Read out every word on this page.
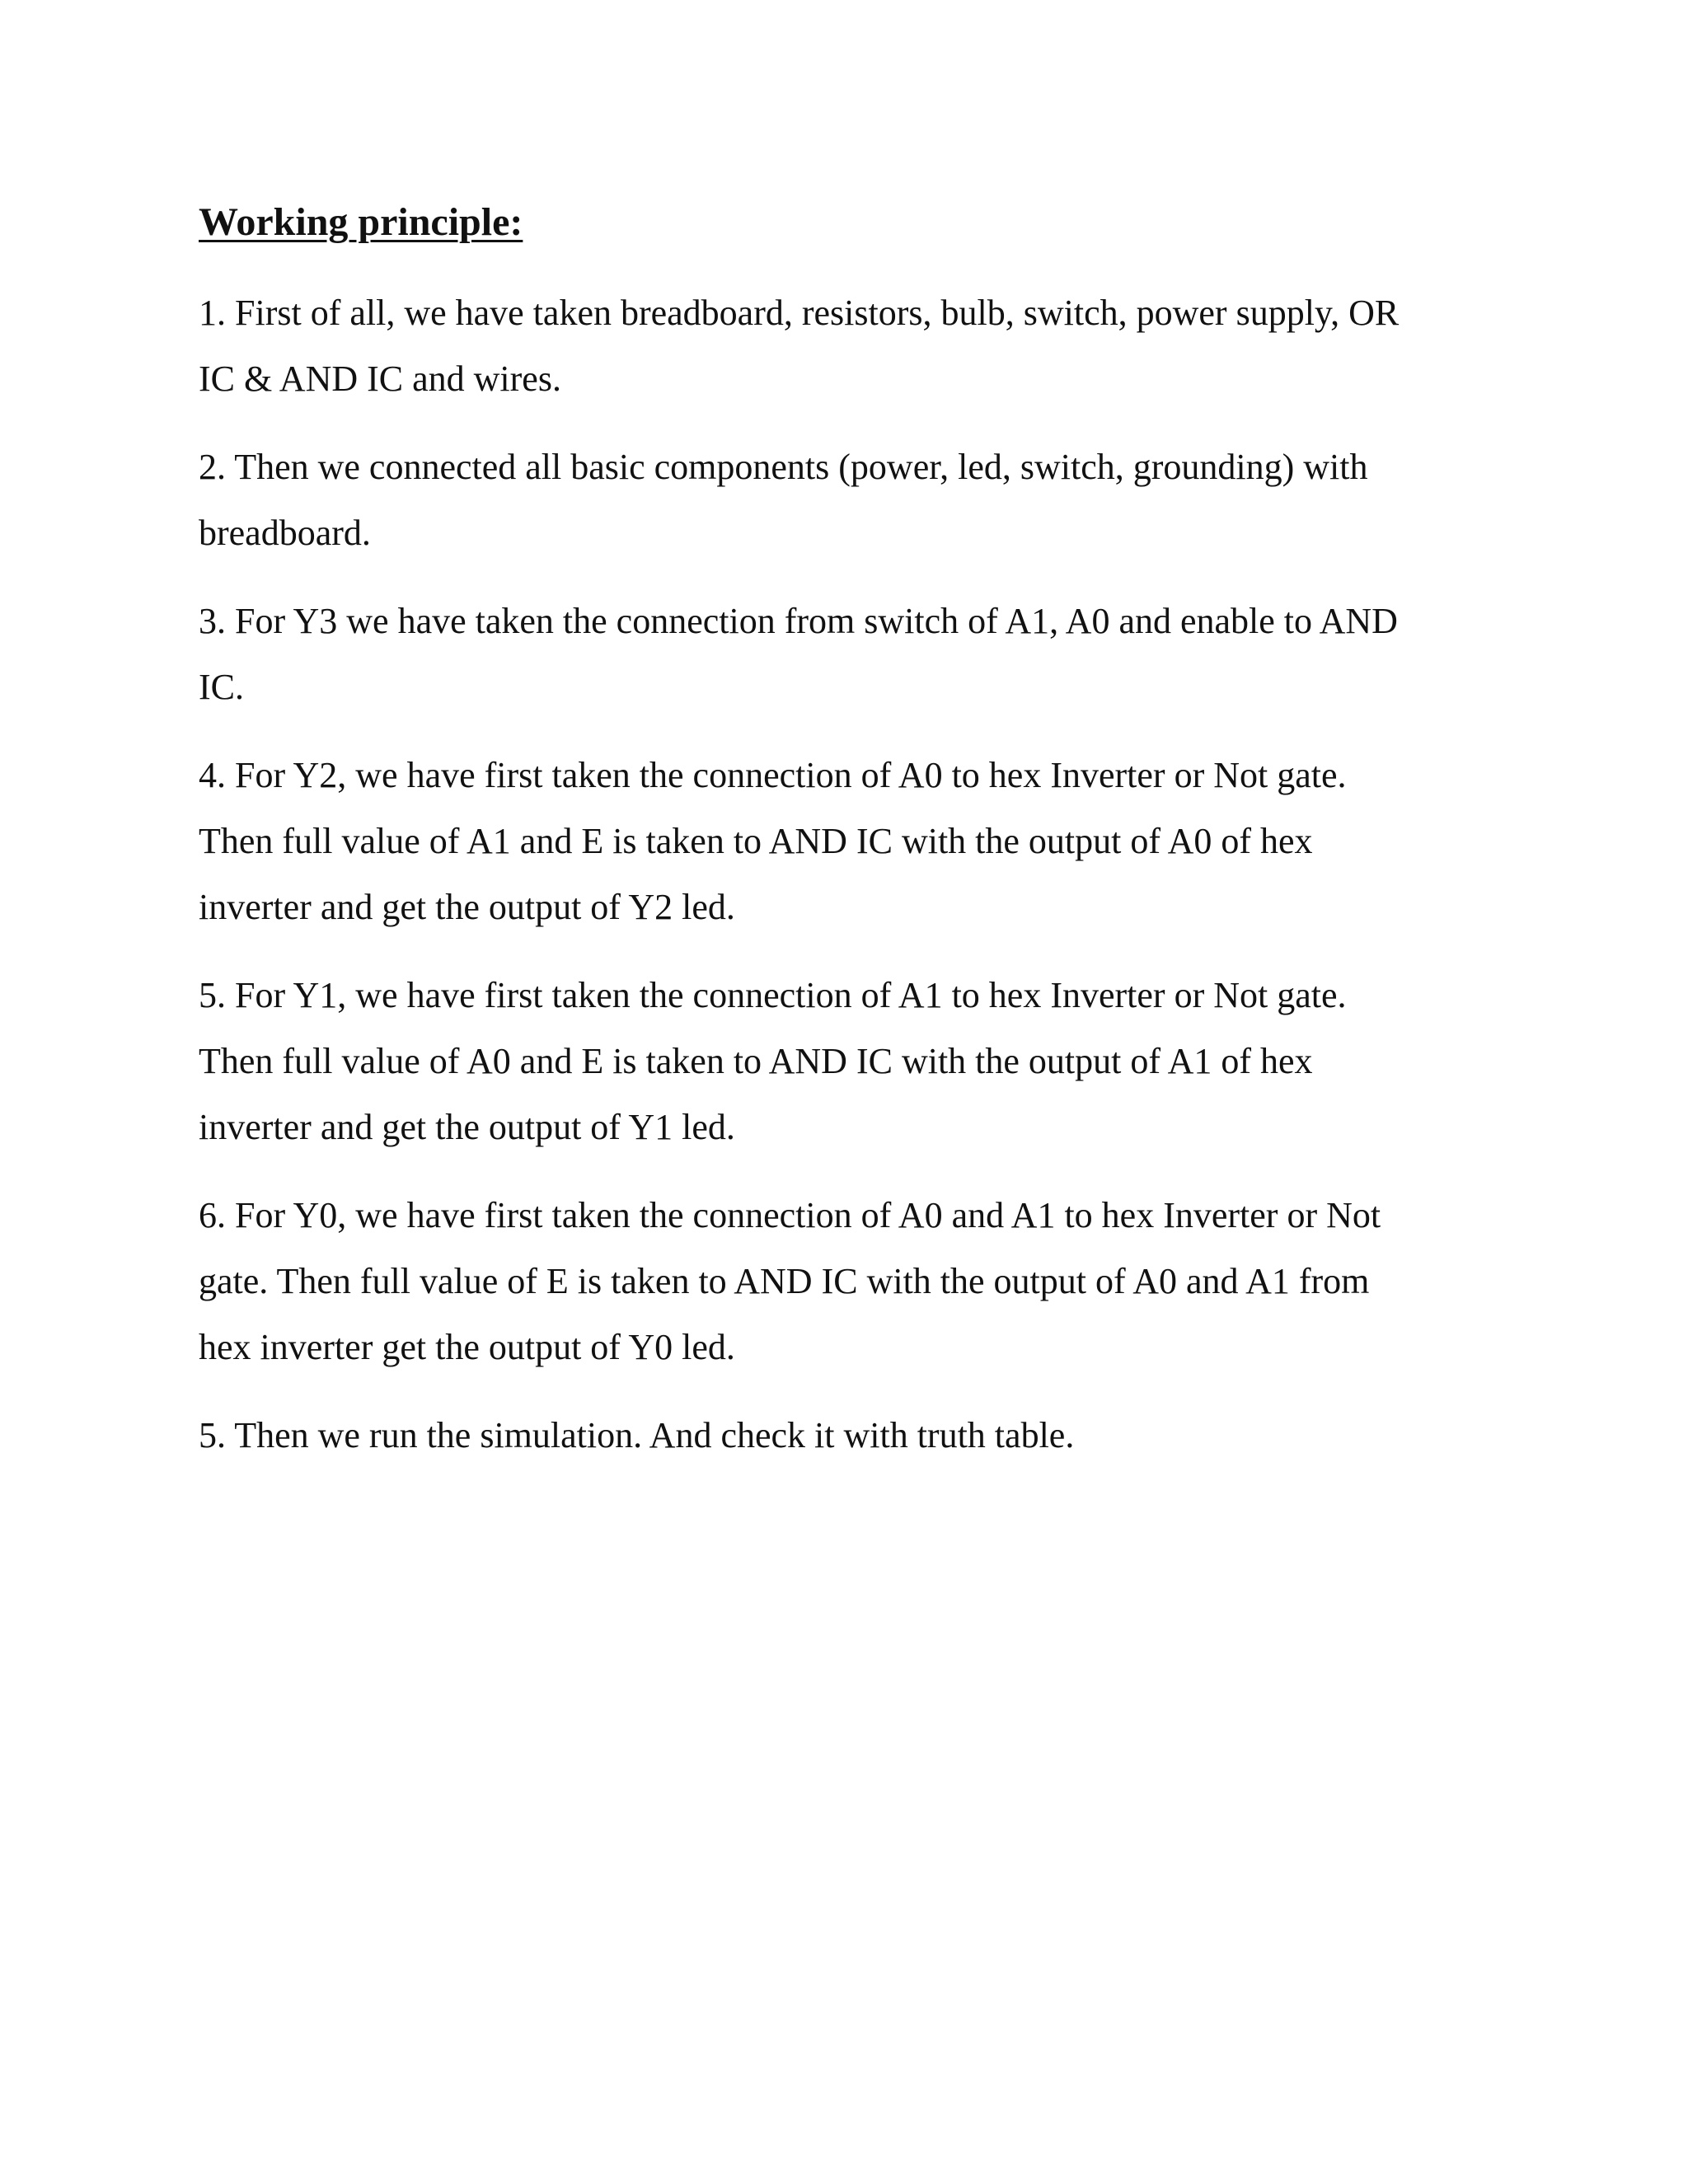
Working principle:

1. First of all, we have taken breadboard, resistors, bulb, switch, power supply, OR
IC & AND IC and wires.

2. Then we connected all basic components (power, led, switch, grounding) with
breadboard.

3. For Y3 we have taken the connection from switch of A1, A0 and enable to AND
IC.

4. For Y2, we have first taken the connection of A0 to hex Inverter or Not gate.
Then full value of A1 and E is taken to AND IC with the output of A0 of hex
inverter and get the output of Y2 led.

5. For Y1, we have first taken the connection of A1 to hex Inverter or Not gate.
Then full value of A0 and E is taken to AND IC with the output of A1 of hex
inverter and get the output of Y1 led.

6. For Y0, we have first taken the connection of A0 and A1 to hex Inverter or Not
gate. Then full value of E is taken to AND IC with the output of A0 and A1 from
hex inverter get the output of Y0 led.

5. Then we run the simulation. And check it with truth table.
